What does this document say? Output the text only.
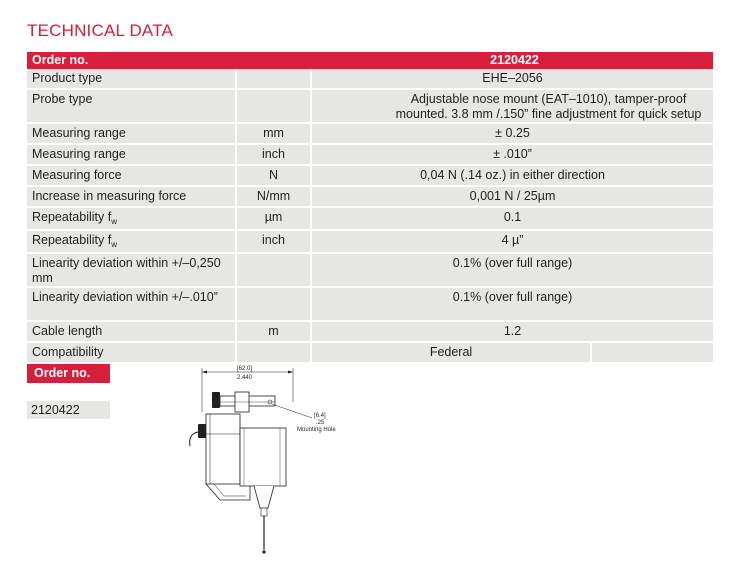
TECHNICAL DATA
Order no.		2120422
Product type		EHE–2056
Probe type		Adjustable nose mount (EAT–1010), tamper-proof mounted. 3.8 mm /.150” fine adjustment for quick setup
Measuring range	mm	± 0.25
Measuring range	inch	± .010”
Measuring force	N	0,04 N (.14 oz.) in either direction
Increase in measuring force	N/mm	0,001 N / 25µm
Repeatability $f_w$	µm	0.1
Repeatability $f_w$	inch	4 µ”
Linearity deviation within +/–0,250 mm		0.1% (over full range)
Linearity deviation within +/–.010”		0.1% (over full range)
Cable length	m	1.2
Compatibility		Federal
Order no.
2120422
[62.0]
2.440
[6.4]
.25
Mounting Hole
